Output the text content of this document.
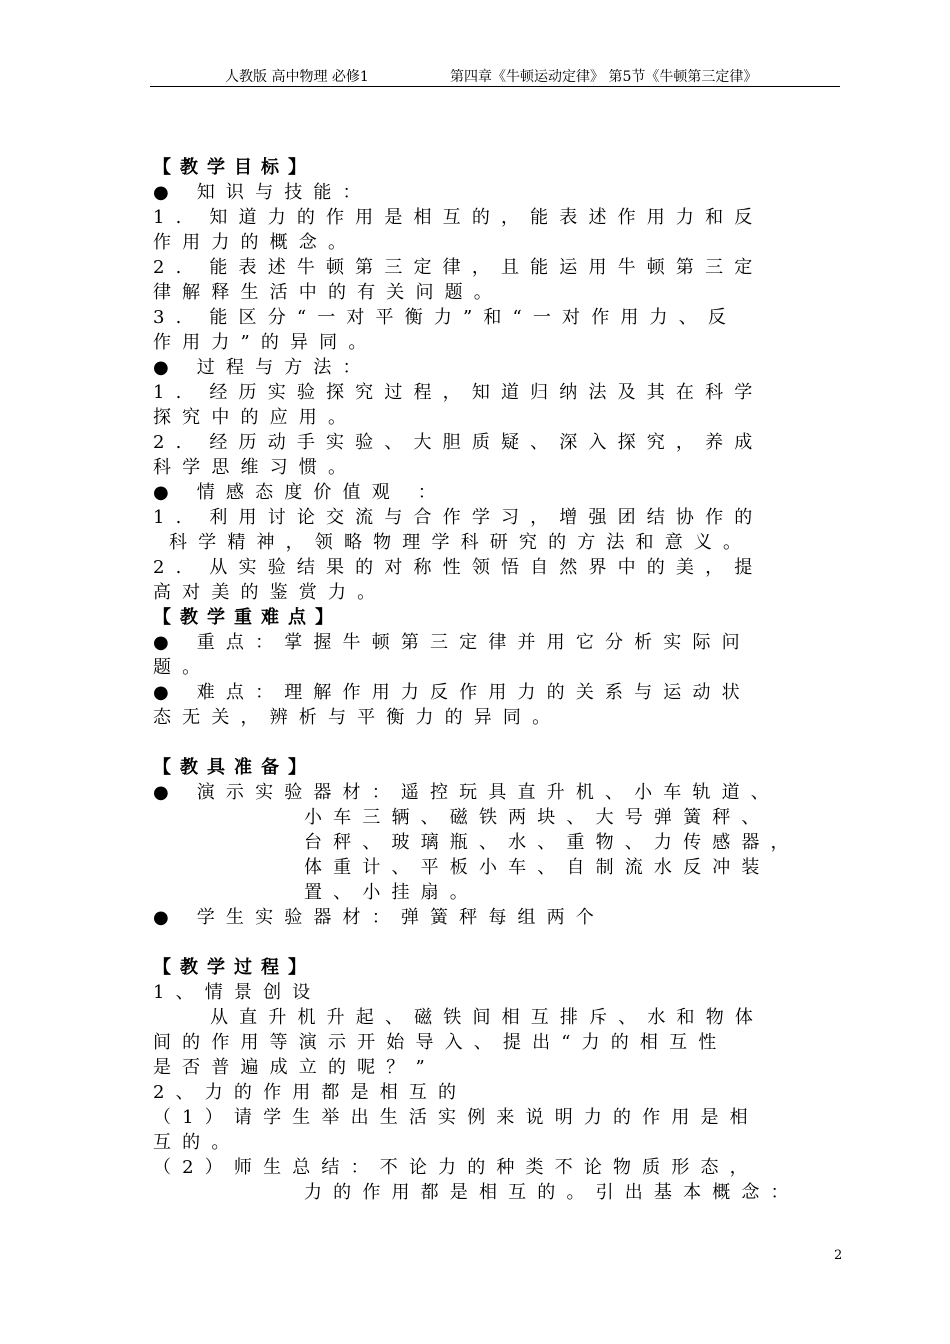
人教版 高中物理 必修1	第四章《牛顿运动定律》 第5节《牛顿第三定律》
【教学目标】
● 知识与技能：
1. 知道力的作用是相互的，能表述作用力和反
作用力的概念。
2. 能表述牛顿第三定律，且能运用牛顿第三定
律解释生活中的有关问题。
3. 能区分“一对平衡力”和“一对作用力、反
作用力”的异同。
● 过程与方法：
1. 经历实验探究过程，知道归纳法及其在科学
探究中的应用。
2. 经历动手实验、大胆质疑、深入探究，养成
科学思维习惯。
● 情感态度价值观 ：
1. 利用讨论交流与合作学习，增强团结协作的
科学精神，领略物理学科研究的方法和意义。
2. 从实验结果的对称性领悟自然界中的美，提
高对美的鉴赏力。
【教学重难点】
● 重点：掌握牛顿第三定律并用它分析实际问
题。
● 难点：理解作用力反作用力的关系与运动状
态无关，辨析与平衡力的异同。
【教具准备】
● 演示实验器材：遥控玩具直升机、小车轨道、
小车三辆、磁铁两块、大号弹簧秤、
台秤、玻璃瓶、水、重物、力传感器，
体重计、平板小车、自制流水反冲装
置、小挂扇。
● 学生实验器材：弹簧秤每组两个
【教学过程】
1、情景创设
从直升机升起、磁铁间相互排斥、水和物体
间的作用等演示开始导入、提出“力的相互性
是否普遍成立的呢？”
2、力的作用都是相互的
（1）请学生举出生活实例来说明力的作用是相
互的。
（2）师生总结：不论力的种类不论物质形态，
力的作用都是相互的。引出基本概念：
2
